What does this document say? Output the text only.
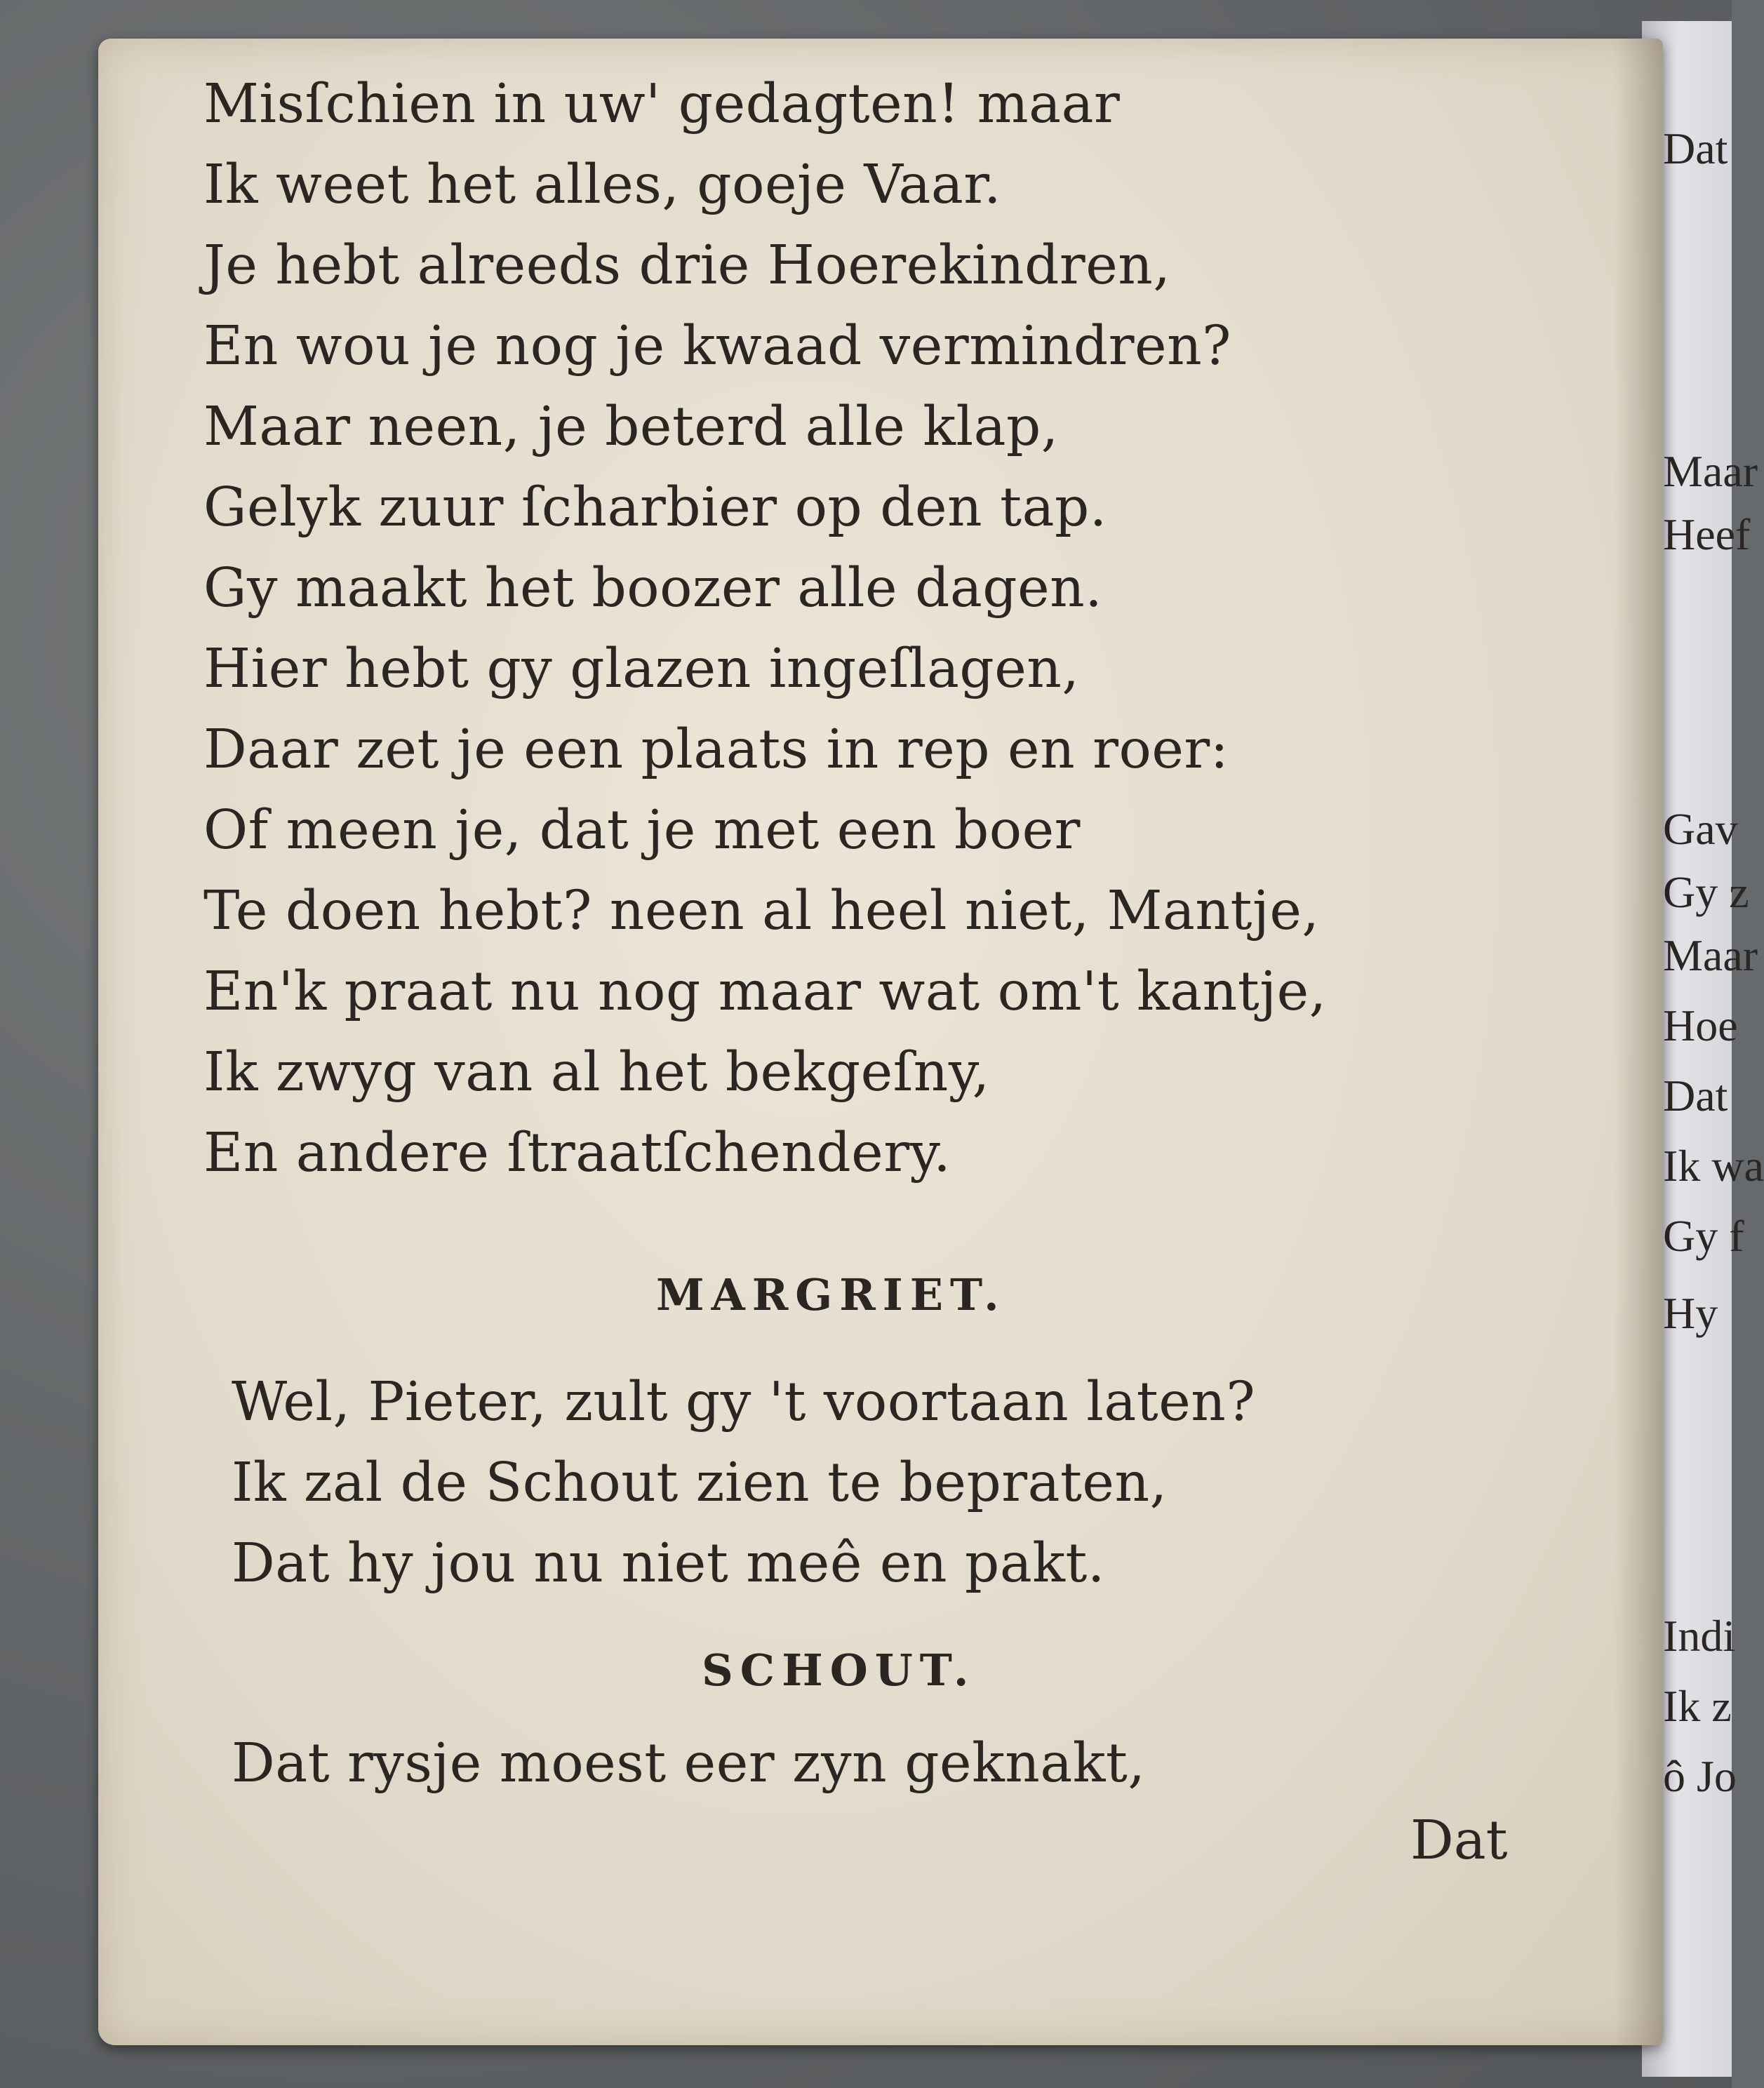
Dat
Maar
Heef
Gav
Gy z
Maar
Hoe
Dat
Ik wa
Gy f
Hy
Indi
Ik z
ô Jo
Misſchien in uw' gedagten! maar
Ik weet het alles, goeje Vaar.
Je hebt alreeds drie Hoerekindren,
En wou je nog je kwaad vermindren?
Maar neen, je beterd alle klap,
Gelyk zuur ſcharbier op den tap.
Gy maakt het boozer alle dagen.
Hier hebt gy glazen ingeſlagen,
Daar zet je een plaats in rep en roer:
Of meen je, dat je met een boer
Te doen hebt? neen al heel niet, Mantje,
En'k praat nu nog maar wat om't kantje,
Ik zwyg van al het bekgeſny,
En andere ſtraatſchendery.
MARGRIET.
Wel, Pieter, zult gy 't voortaan laten?
Ik zal de Schout zien te bepraten,
Dat hy jou nu niet meê en pakt.
SCHOUT.
Dat rysje moest eer zyn geknakt,
Dat
